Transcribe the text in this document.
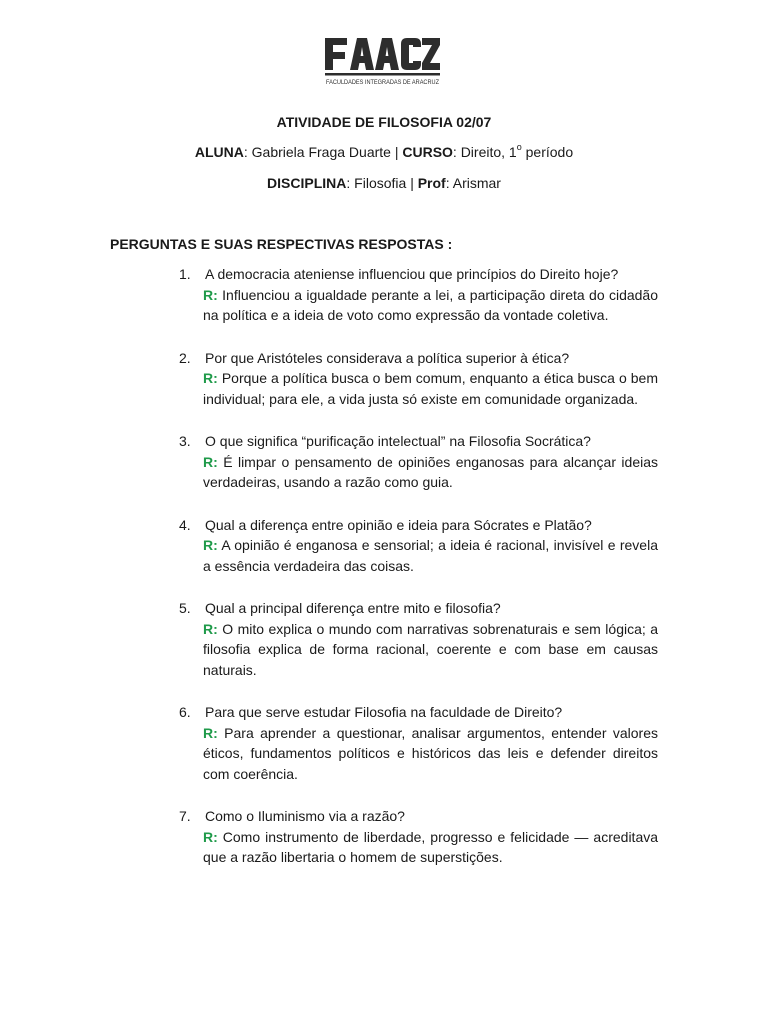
FACULDADES INTEGRADAS DE ARACRUZ
ATIVIDADE DE FILOSOFIA 02/07
ALUNA: Gabriela Fraga Duarte | CURSO: Direito, 1$^o$ período
DISCIPLINA: Filosofia | Prof: Arismar
PERGUNTAS E SUAS RESPECTIVAS RESPOSTAS :
1. A democracia ateniense influenciou que princípios do Direito hoje?
R: Influenciou a igualdade perante a lei, a participação direta do cidadão na política e a ideia de voto como expressão da vontade coletiva.
2. Por que Aristóteles considerava a política superior à ética?
R: Porque a política busca o bem comum, enquanto a ética busca o bem individual; para ele, a vida justa só existe em comunidade organizada.
3. O que significa “purificação intelectual” na Filosofia Socrática?
R: É limpar o pensamento de opiniões enganosas para alcançar ideias verdadeiras, usando a razão como guia.
4. Qual a diferença entre opinião e ideia para Sócrates e Platão?
R: A opinião é enganosa e sensorial; a ideia é racional, invisível e revela a essência verdadeira das coisas.
5. Qual a principal diferença entre mito e filosofia?
R: O mito explica o mundo com narrativas sobrenaturais e sem lógica; a filosofia explica de forma racional, coerente e com base em causas naturais.
6. Para que serve estudar Filosofia na faculdade de Direito?
R: Para aprender a questionar, analisar argumentos, entender valores éticos, fundamentos políticos e históricos das leis e defender direitos com coerência.
7. Como o Iluminismo via a razão?
R: Como instrumento de liberdade, progresso e felicidade — acreditava que a razão libertaria o homem de superstições.
